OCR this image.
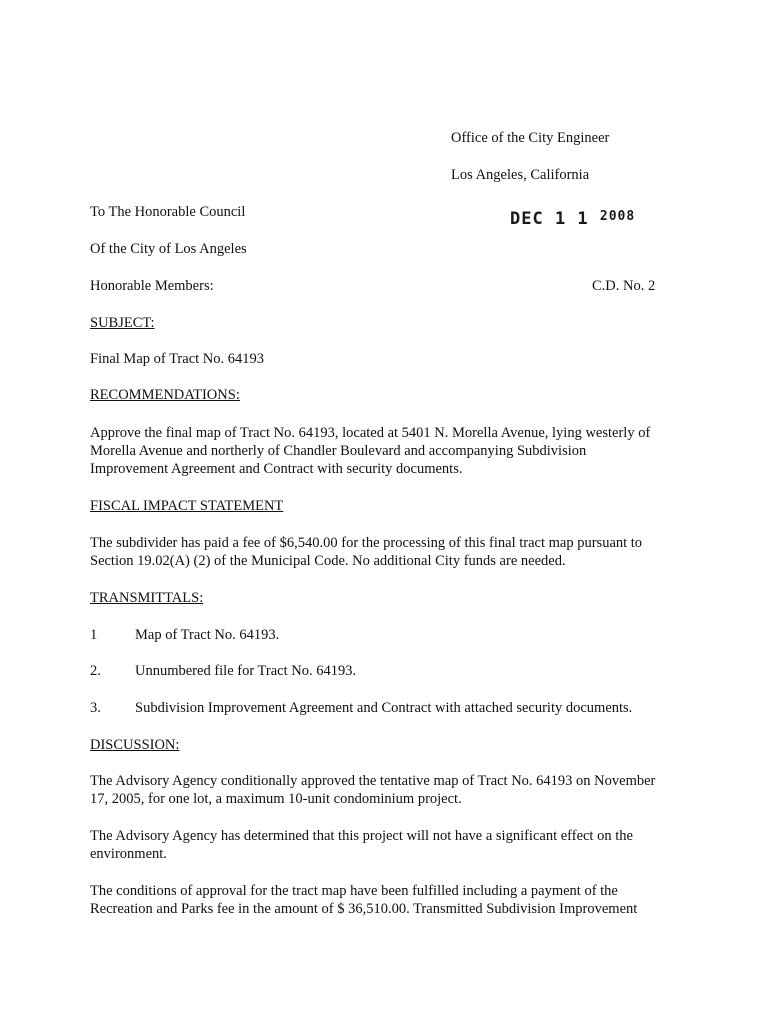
Office of the City Engineer
Los Angeles, California
To The Honorable Council	DEC 1 1 $^{2008}$
Of the City of Los Angeles
Honorable Members:	C.D. No. 2
SUBJECT:
Final Map of Tract No. 64193
RECOMMENDATIONS:
Approve the final map of Tract No. 64193, located at 5401 N. Morella Avenue, lying westerly of
Morella Avenue and northerly of Chandler Boulevard and accompanying Subdivision
Improvement Agreement and Contract with security documents.
FISCAL IMPACT STATEMENT
The subdivider has paid a fee of $6,540.00 for the processing of this final tract map pursuant to
Section 19.02(A) (2) of the Municipal Code. No additional City funds are needed.
TRANSMITTALS:
1	Map of Tract No. 64193.
2. Unnumbered file for Tract No. 64193.
3. Subdivision Improvement Agreement and Contract with attached security documents.
DISCUSSION:
The Advisory Agency conditionally approved the tentative map of Tract No. 64193 on November
17, 2005, for one lot, a maximum 10-unit condominium project.
The Advisory Agency has determined that this project will not have a significant effect on the
environment.
The conditions of approval for the tract map have been fulfilled including a payment of the
Recreation and Parks fee in the amount of $ 36,510.00. Transmitted Subdivision Improvement
